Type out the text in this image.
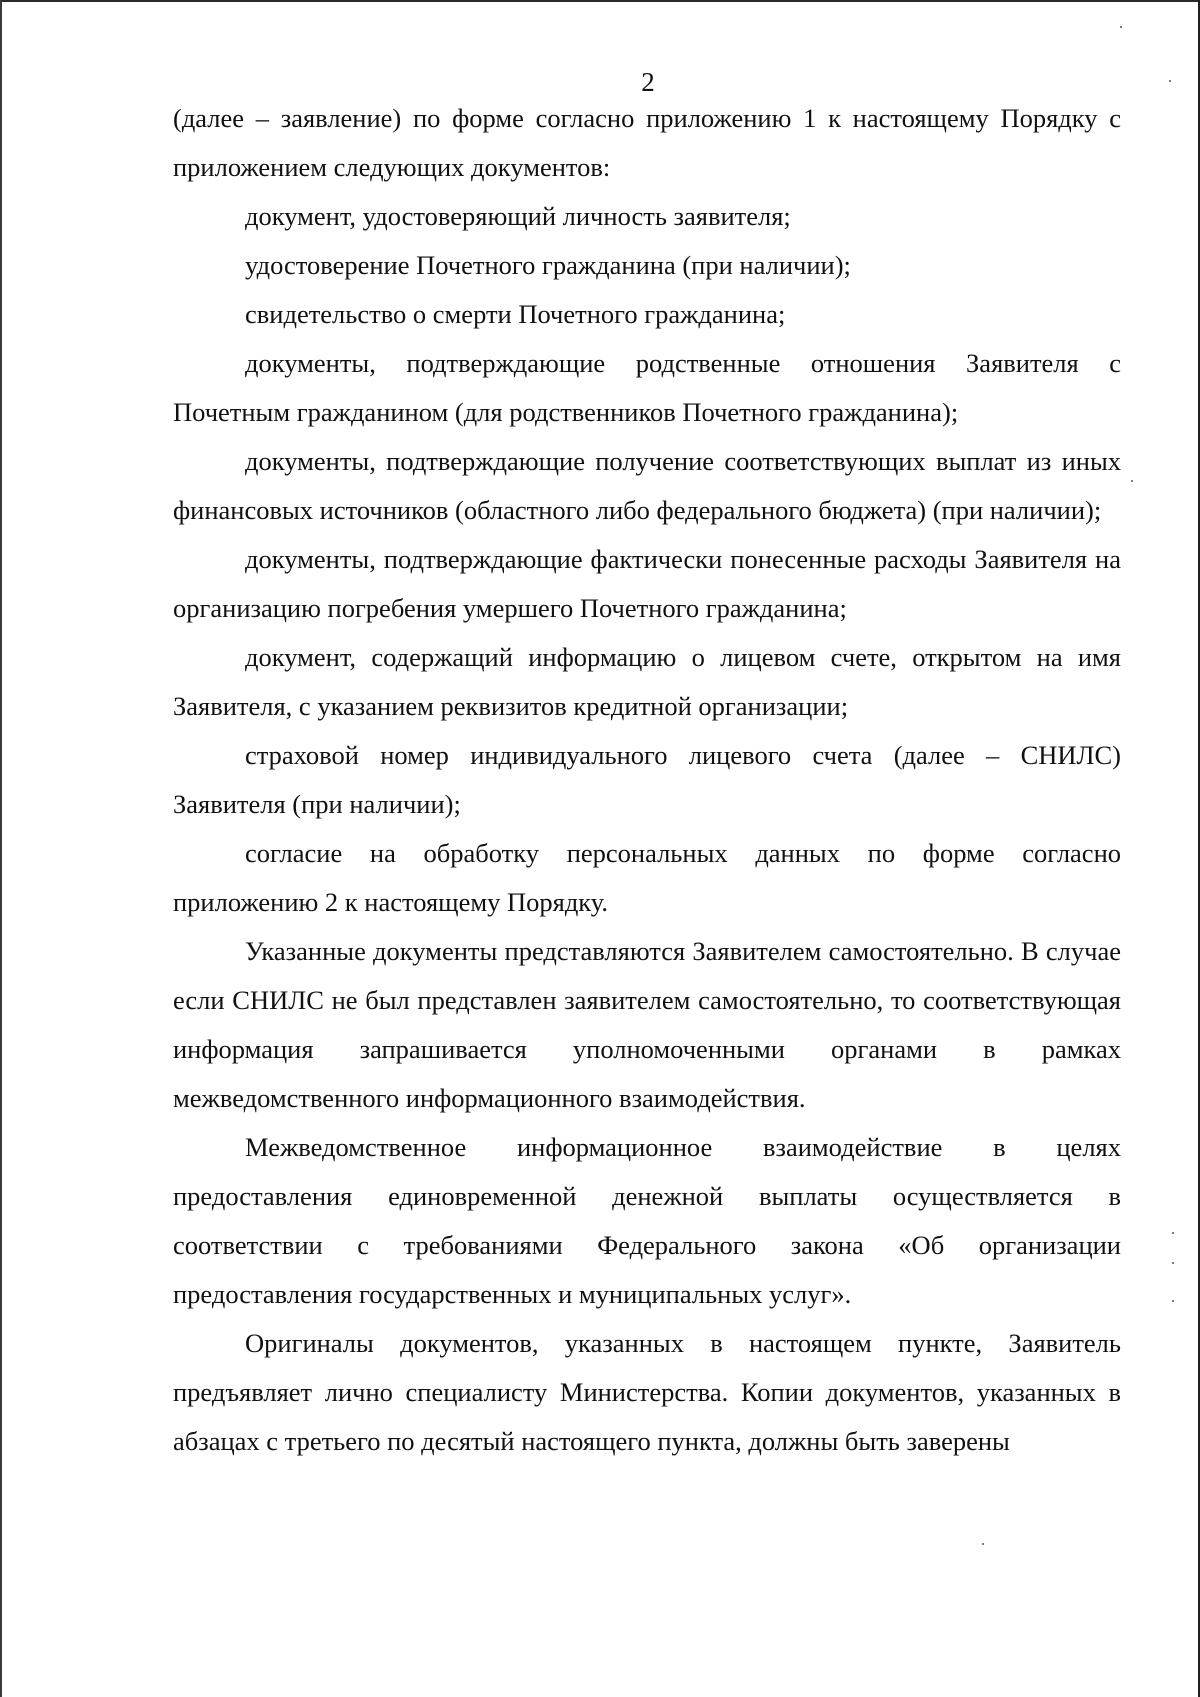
2

(далее – заявление) по форме согласно приложению 1 к настоящему Порядку с приложением следующих документов:

документ, удостоверяющий личность заявителя;

удостоверение Почетного гражданина (при наличии);

свидетельство о смерти Почетного гражданина;

документы, подтверждающие родственные отношения Заявителя с Почетным гражданином (для родственников Почетного гражданина);

документы, подтверждающие получение соответствующих выплат из иных финансовых источников (областного либо федерального бюджета) (при наличии);

документы, подтверждающие фактически понесенные расходы Заявителя на организацию погребения умершего Почетного гражданина;

документ, содержащий информацию о лицевом счете, открытом на имя Заявителя, с указанием реквизитов кредитной организации;

страховой номер индивидуального лицевого счета (далее – СНИЛС) Заявителя (при наличии);

согласие на обработку персональных данных по форме согласно приложению 2 к настоящему Порядку.

Указанные документы представляются Заявителем самостоятельно. В случае если СНИЛС не был представлен заявителем самостоятельно, то соответствующая информация запрашивается уполномоченными органами в рамках межведомственного информационного взаимодействия.

Межведомственное информационное взаимодействие в целях предоставления единовременной денежной выплаты осуществляется в соответствии с требованиями Федерального закона «Об организации предоставления государственных и муниципальных услуг».

Оригиналы документов, указанных в настоящем пункте, Заявитель предъявляет лично специалисту Министерства. Копии документов, указанных в абзацах с третьего по десятый настоящего пункта, должны быть заверены
